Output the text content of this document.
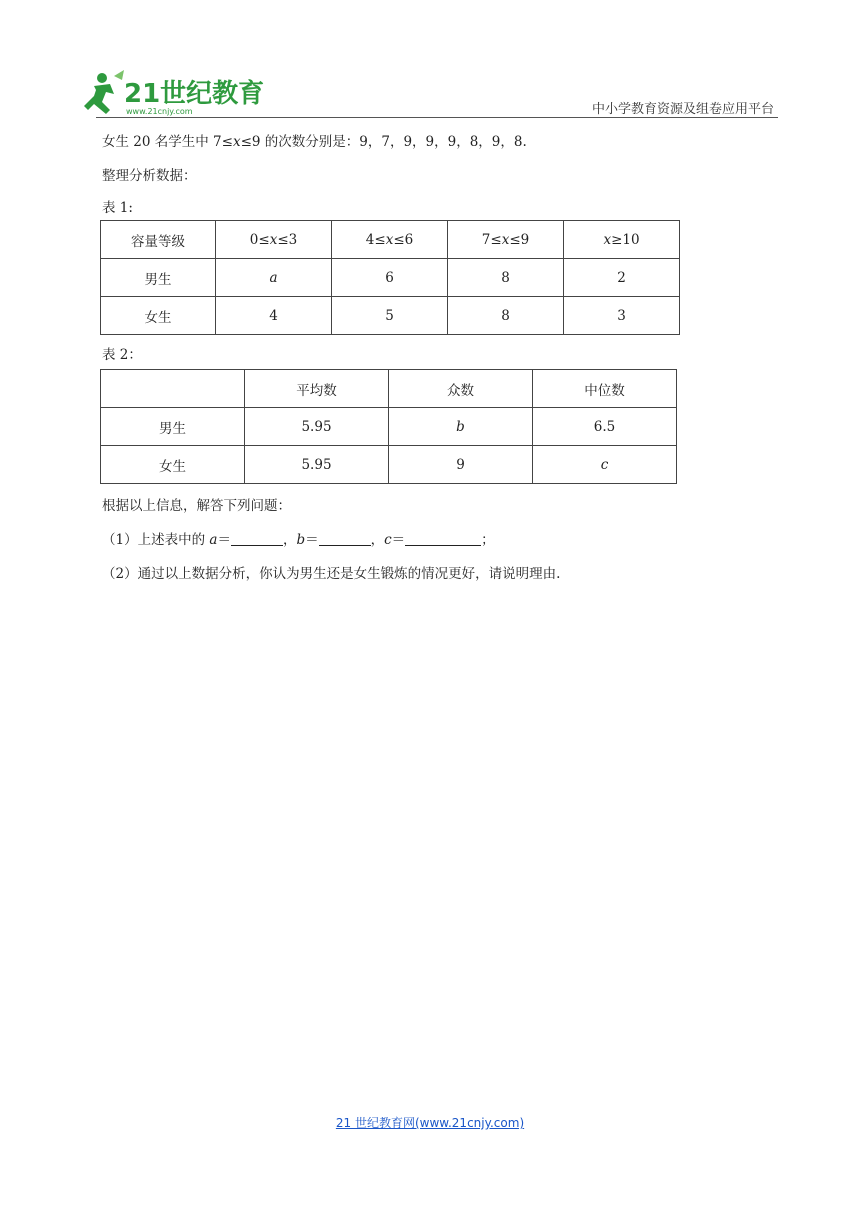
21世纪教育
www.21cnjy.com	中小学教育资源及组卷应用平台
女生 20 名学生中 7≤x≤9 的次数分别是：9，7，9，9，9，8，9，8.
整理分析数据：
表 1:
容量等级	0≤x≤3	4≤x≤6	7≤x≤9	x≥10
男生	a	6	8	2
女生	4	5	8	3
表 2：
	平均数	众数	中位数
男生	5.95	b	6.5
女生	5.95	9	c
根据以上信息，解答下列问题：
（1）上述表中的 a＝	，b＝	，c＝	；
（2）通过以上数据分析，你认为男生还是女生锻炼的情况更好，请说明理由.
21 世纪教育网(www.21cnjy.com)
